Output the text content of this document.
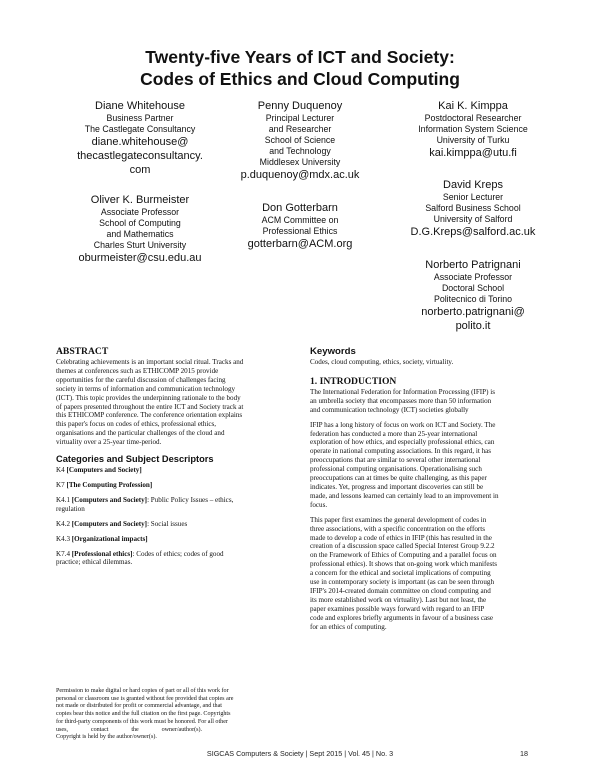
Twenty-five Years of ICT and Society:
Codes of Ethics and Cloud Computing
Diane Whitehouse
Business Partner
The Castlegate Consultancy
diane.whitehouse@
thecastlegateconsultancy.
com
Penny Duquenoy
Principal Lecturer
and Researcher
School of Science
and Technology
Middlesex University
p.duquenoy@mdx.ac.uk
Kai K. Kimppa
Postdoctoral Researcher
Information System Science
University of Turku
kai.kimppa@utu.fi
Oliver K. Burmeister
Associate Professor
School of Computing
and Mathematics
Charles Sturt University
oburmeister@csu.edu.au
Don Gotterbarn
ACM Committee on
Professional Ethics
gotterbarn@ACM.org
David Kreps
Senior Lecturer
Salford Business School
University of Salford
D.G.Kreps@salford.ac.uk
Norberto Patrignani
Associate Professor
Doctoral School
Politecnico di Torino
norberto.patrignani@
polito.it
ABSTRACT
Celebrating achievements is an important social ritual. Tracks and
themes at conferences such as ETHICOMP 2015 provide
opportunities for the careful discussion of challenges facing
society in terms of information and communication technology
(ICT). This topic provides the underpinning rationale to the body
of papers presented throughout the entire ICT and Society track at
this ETHICOMP conference. The conference orientation explains
this paper's focus on codes of ethics, professional ethics,
organisations and the particular challenges of the cloud and
virtuality over a 25-year time-period.
Categories and Subject Descriptors
K4 [Computers and Society]
K7 [The Computing Profession]
K4.1 [Computers and Society]: Public Policy Issues – ethics,
regulation
K4.2 [Computers and Society]: Social issues
K4.3 [Organizational impacts]
K7.4 [Professional ethics]: Codes of ethics; codes of good
practice; ethical dilemmas.
Permission to make digital or hard copies of part or all of this work for
personal or classroom use is granted without fee provided that copies are
not made or distributed for profit or commercial advantage, and that
copies bear this notice and the full citation on the first page. Copyrights
for third-party components of this work must be honored. For all other
uses,               contact               the               owner/author(s).
Copyright is held by the author/owner(s).
Keywords
Codes, cloud computing, ethics, society, virtuality.
1. INTRODUCTION
The International Federation for Information Processing (IFIP) is
an umbrella society that encompasses more than 50 information
and communication technology (ICT) societies globally
IFIP has a long history of focus on work on ICT and Society. The
federation has conducted a more than 25-year international
exploration of how ethics, and especially professional ethics, can
operate in national computing associations. In this regard, it has
preoccupations that are similar to several other international
professional computing organisations. Operationalising such
preoccupations can at times be quite challenging, as this paper
indicates. Yet, progress and important discoveries can still be
made, and lessons learned can certainly lead to an improvement in
focus.
This paper first examines the general development of codes in
three associations, with a specific concentration on the efforts
made to develop a code of ethics in IFIP (this has resulted in the
creation of a discussion space called Special Interest Group 9.2.2
on the Framework of Ethics of Computing and a parallel focus on
professional ethics). It shows that on-going work which manifests
a concern for the ethical and societal implications of computing
use in contemporary society is important (as can be seen through
IFIP's 2014-created domain committee on cloud computing and
its more established work on virtuality). Last but not least, the
paper examines possible ways forward with regard to an IFIP
code and explores briefly arguments in favour of a business case
for an ethics of computing.
SIGCAS Computers & Society | Sept 2015 | Vol. 45 | No. 3	18
